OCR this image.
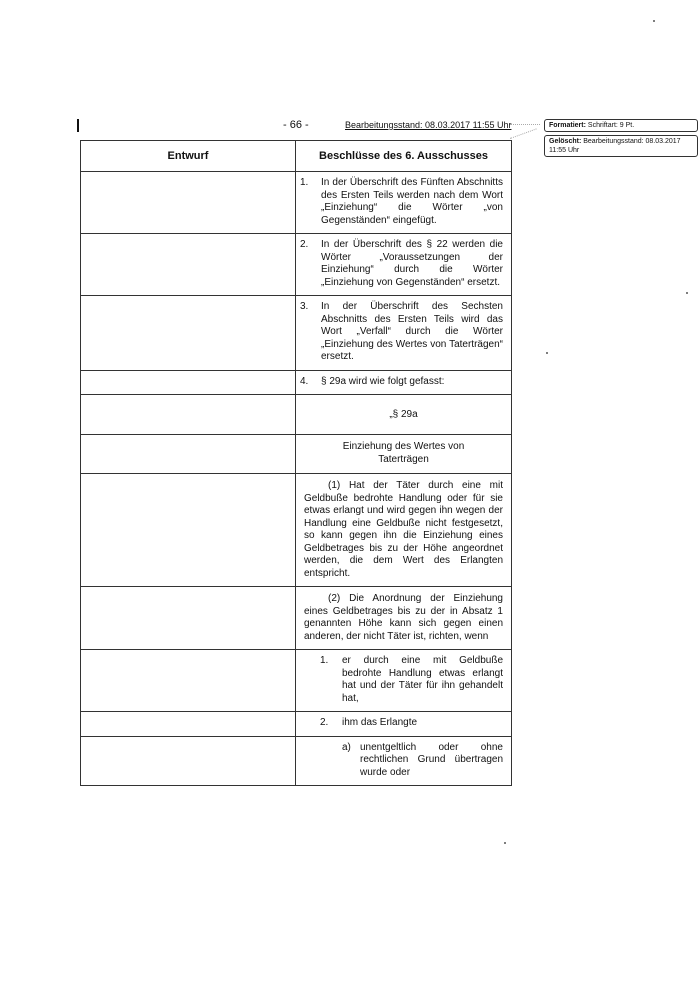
- 66 -	Bearbeitungsstand: 08.03.2017 11:55 Uhr	Formatiert: Schriftart: 9 Pt.
Gelöscht: Bearbeitungsstand: 08.03.2017 11:55 Uhr
Entwurf	Beschlüsse des 6. Ausschusses

	1. In der Überschrift des Fünften Abschnitts des Ersten Teils werden nach dem Wort „Einziehung“ die Wörter „von Gegenständen“ eingefügt.

	2. In der Überschrift des § 22 werden die Wörter „Voraussetzungen der Einziehung“ durch die Wörter „Einziehung von Gegenständen“ ersetzt.

	3. In der Überschrift des Sechsten Abschnitts des Ersten Teils wird das Wort „Verfall“ durch die Wörter „Einziehung des Wertes von Taterträgen“ ersetzt.

	4. § 29a wird wie folgt gefasst:

	„§ 29a

	Einziehung des Wertes von Taterträgen

	(1) Hat der Täter durch eine mit Geldbuße bedrohte Handlung oder für sie etwas erlangt und wird gegen ihn wegen der Handlung eine Geldbuße nicht festgesetzt, so kann gegen ihn die Einziehung eines Geldbetrages bis zu der Höhe angeordnet werden, die dem Wert des Erlangten entspricht.

	(2) Die Anordnung der Einziehung eines Geldbetrages bis zu der in Absatz 1 genannten Höhe kann sich gegen einen anderen, der nicht Täter ist, richten, wenn

	1. er durch eine mit Geldbuße bedrohte Handlung etwas erlangt hat und der Täter für ihn gehandelt hat,

	2. ihm das Erlangte

	a) unentgeltlich oder ohne rechtlichen Grund übertragen wurde oder
